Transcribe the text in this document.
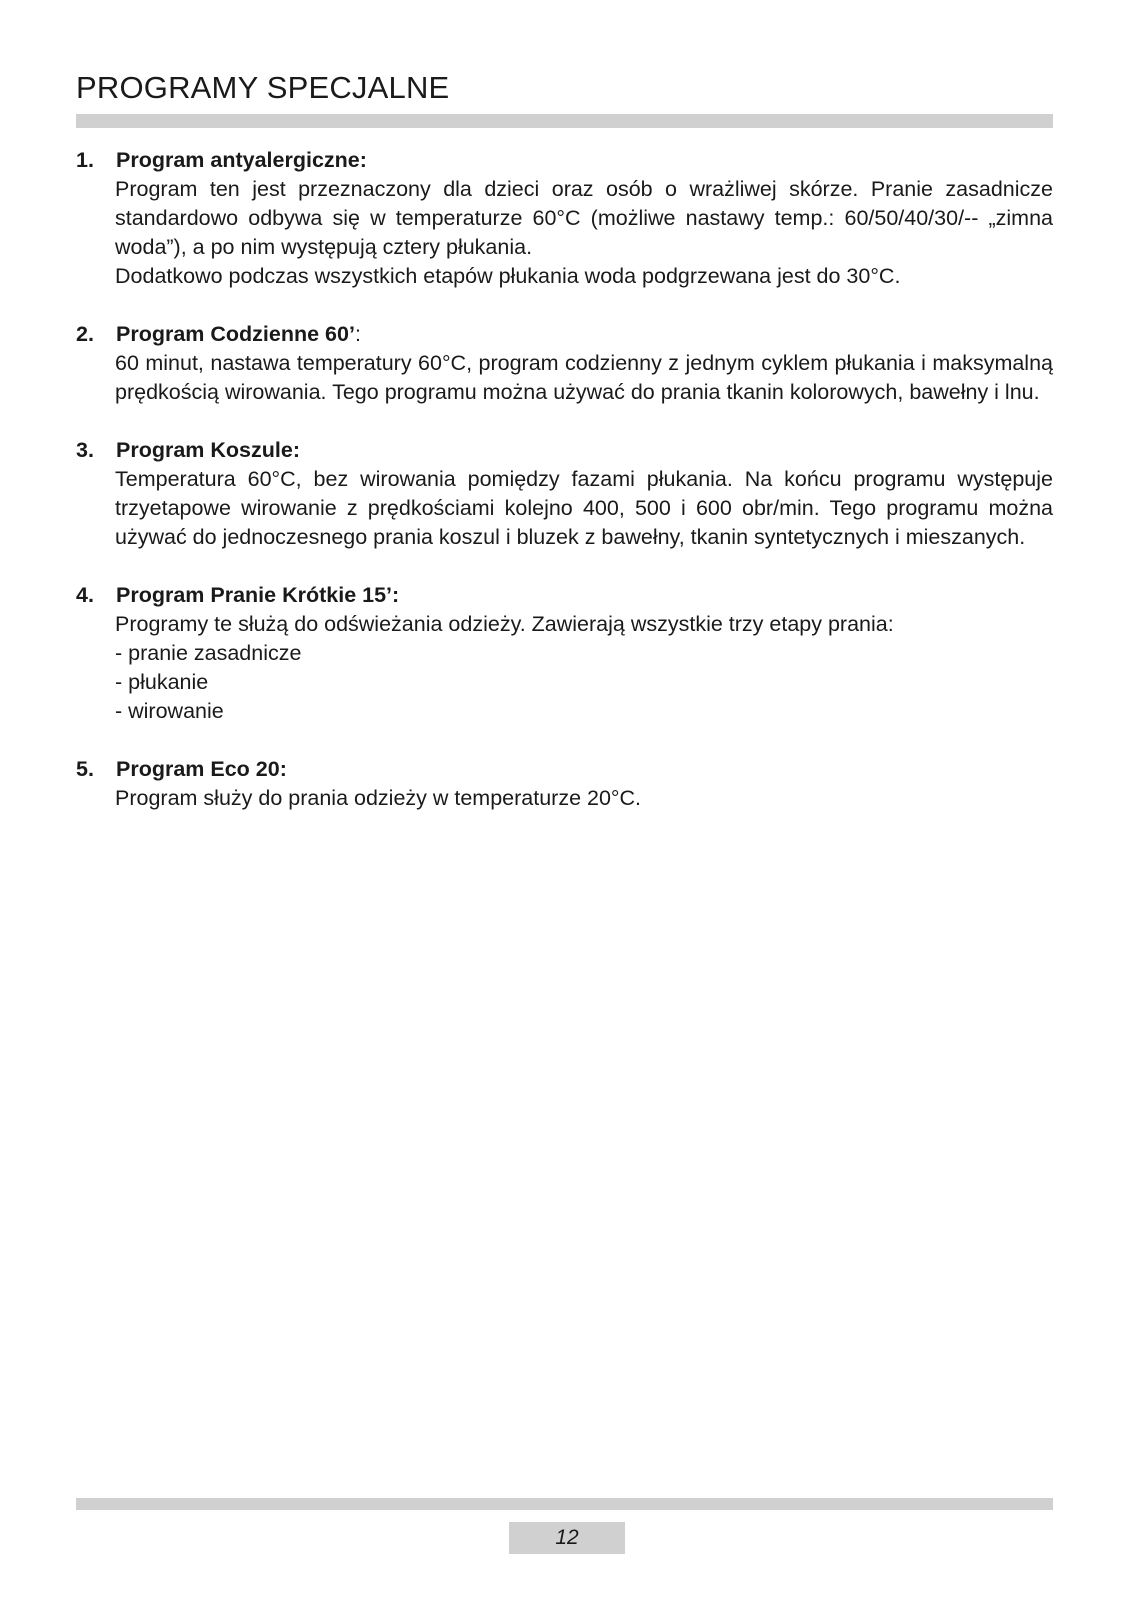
PROGRAMY SPECJALNE
1.	Program antyalergiczne:

Program ten jest przeznaczony dla dzieci oraz osób o wrażliwej skórze. Pranie zasadnicze standardowo odbywa się w temperaturze 60°C (możliwe nastawy temp.: 60/50/40/30/-- „zimna woda”), a po nim występują cztery płukania.

Dodatkowo podczas wszystkich etapów płukania woda podgrzewana jest do 30°C.

2.	Program Codzienne 60’:

60 minut, nastawa temperatury 60°C, program codzienny z jednym cyklem płukania i maksymalną prędkością wirowania. Tego programu można używać do prania tkanin kolorowych, bawełny i lnu.

3.	Program Koszule:

Temperatura 60°C, bez wirowania pomiędzy fazami płukania. Na końcu programu występuje trzyetapowe wirowanie z prędkościami kolejno 400, 500 i 600 obr/min. Tego programu można używać do jednoczesnego prania koszul i bluzek z bawełny, tkanin syntetycznych i mieszanych.

4.	Program Pranie Krótkie 15’:

Programy te służą do odświeżania odzieży. Zawierają wszystkie trzy etapy prania:

- pranie zasadnicze

- płukanie

- wirowanie

5.	Program Eco 20:

Program służy do prania odzieży w temperaturze 20°C.

12
